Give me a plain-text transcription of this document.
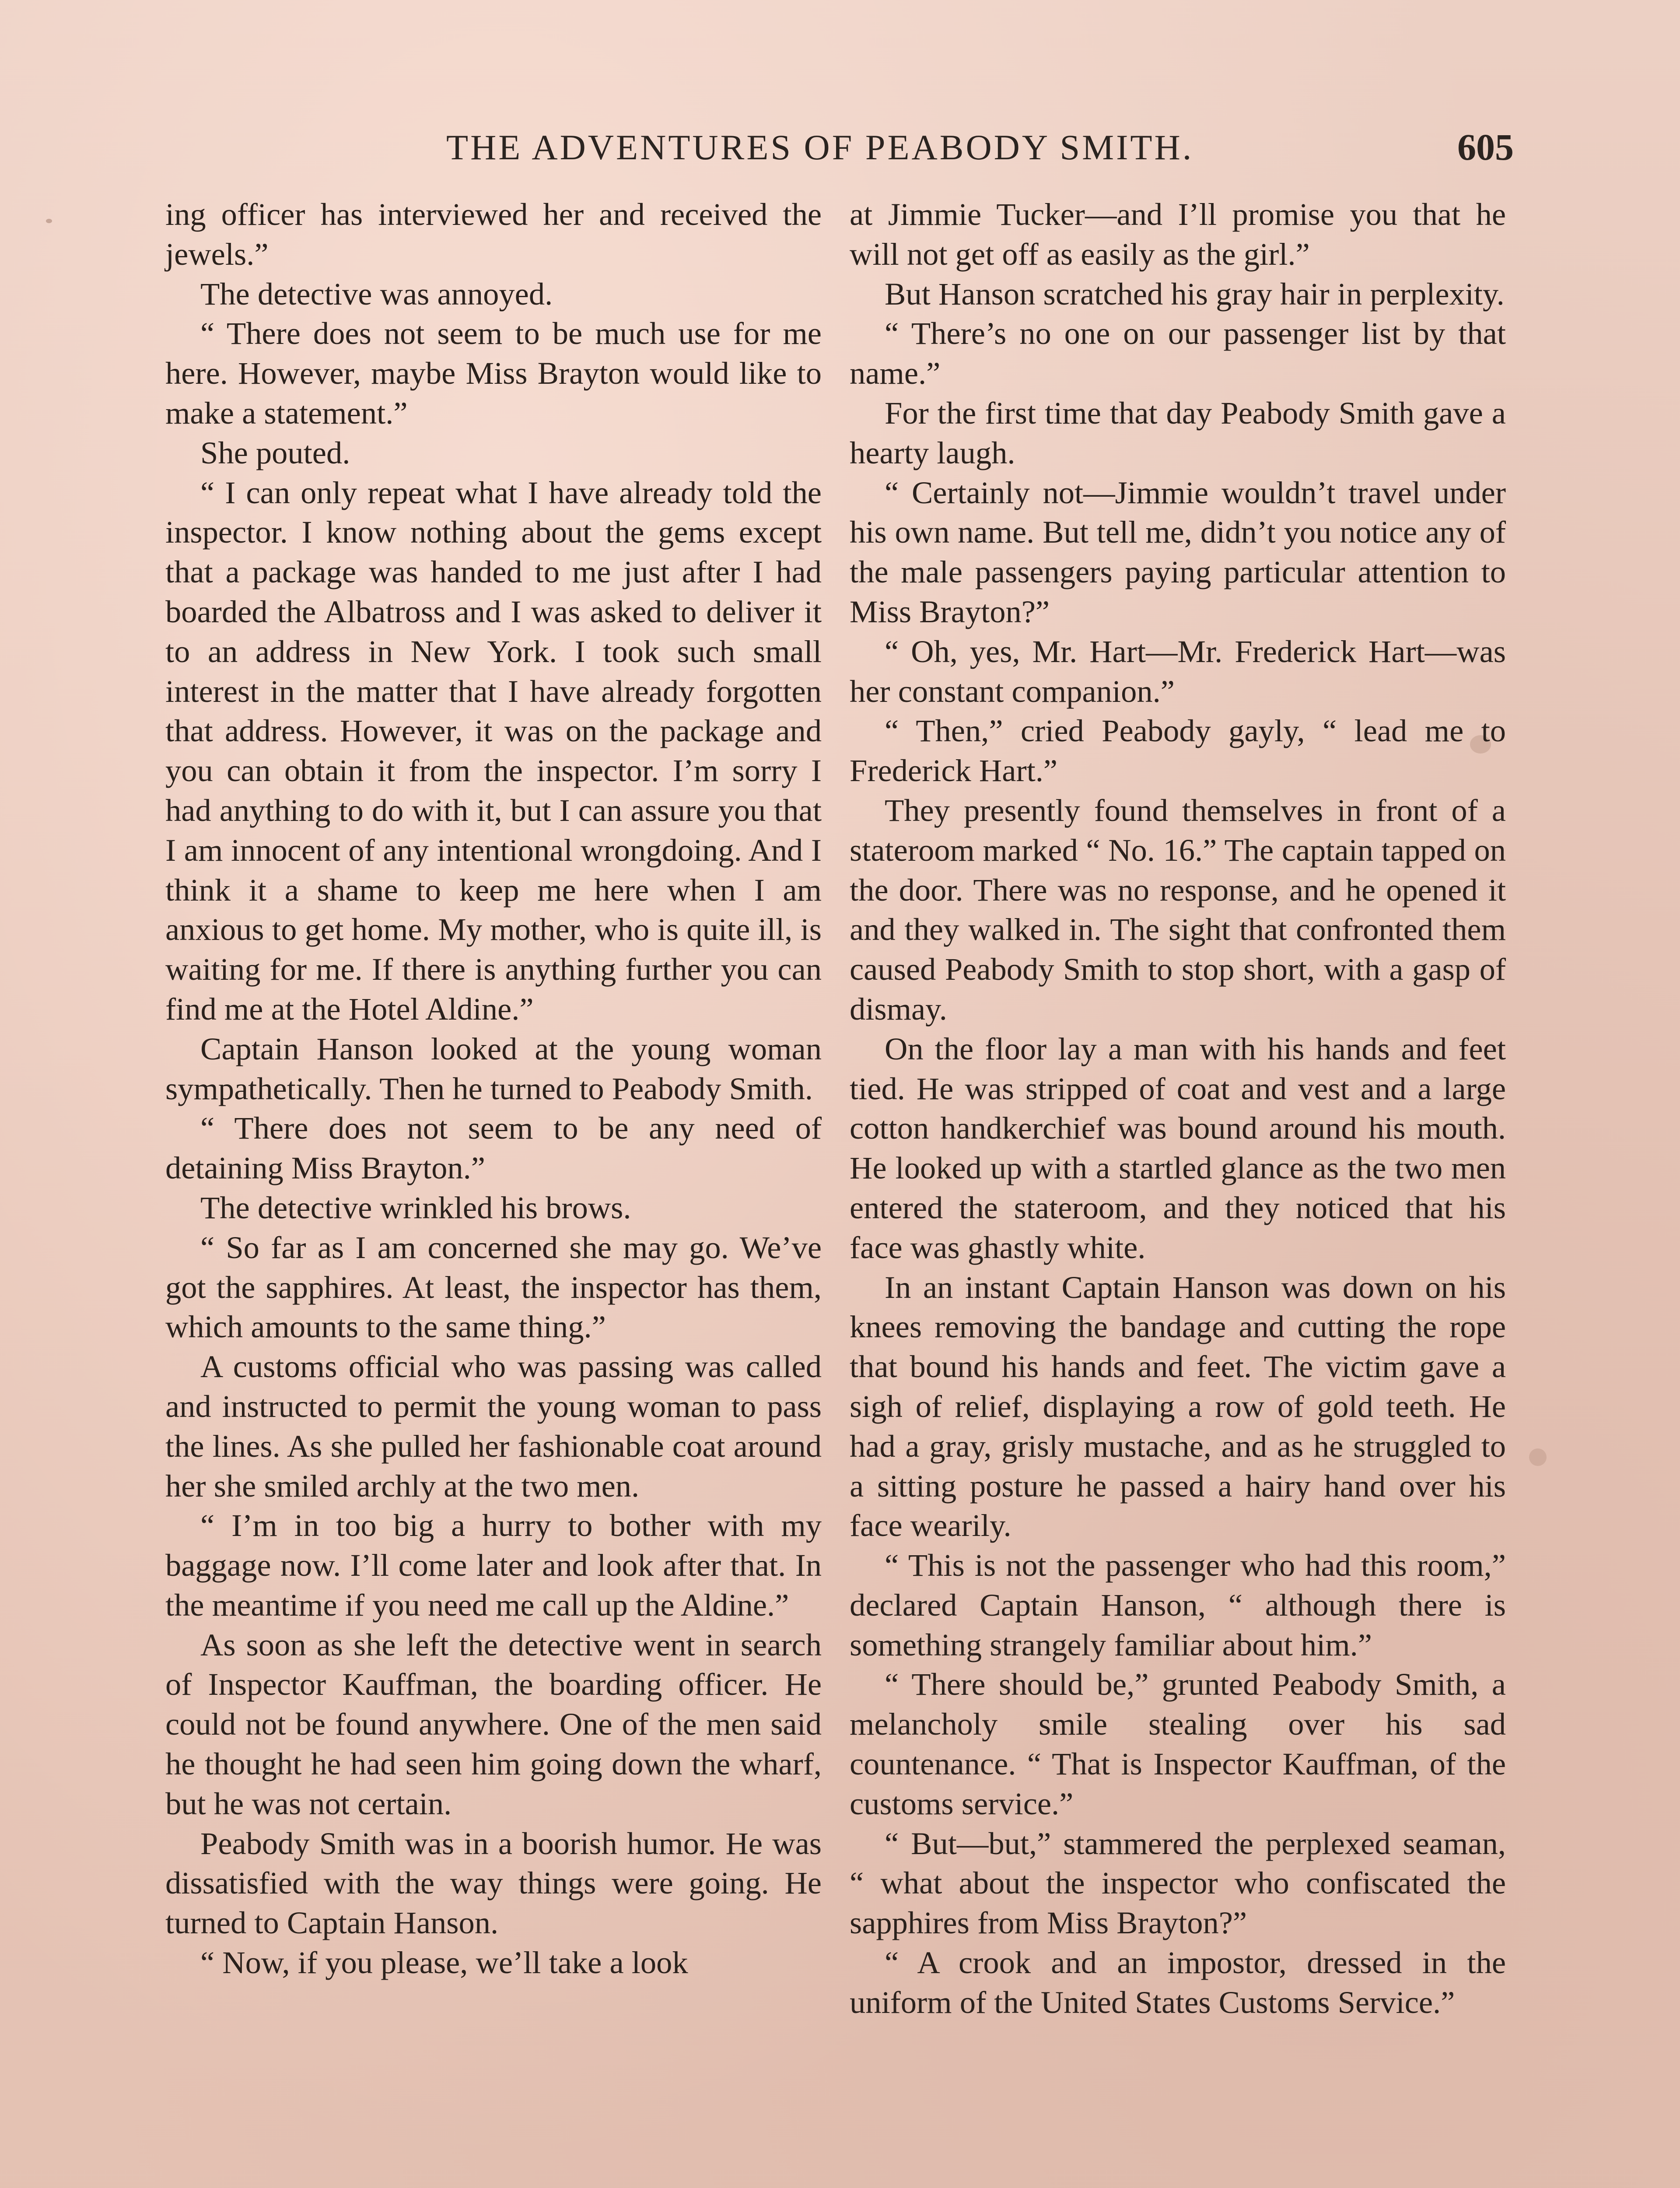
THE ADVENTURES OF PEABODY SMITH.	605

ing officer has interviewed her and received the jewels.”

The detective was annoyed.

“ There does not seem to be much use for me here. However, maybe Miss Brayton would like to make a statement.”

She pouted.

“ I can only repeat what I have already told the inspector. I know nothing about the gems except that a package was handed to me just after I had boarded the Albatross and I was asked to deliver it to an address in New York. I took such small interest in the matter that I have already forgotten that address. However, it was on the package and you can obtain it from the inspector. I’m sorry I had anything to do with it, but I can assure you that I am innocent of any intentional wrongdoing. And I think it a shame to keep me here when I am anxious to get home. My mother, who is quite ill, is waiting for me. If there is anything further you can find me at the Hotel Aldine.”

Captain Hanson looked at the young woman sympathetically. Then he turned to Peabody Smith.

“ There does not seem to be any need of detaining Miss Brayton.”

The detective wrinkled his brows.

“ So far as I am concerned she may go. We’ve got the sapphires. At least, the inspector has them, which amounts to the same thing.”

A customs official who was passing was called and instructed to permit the young woman to pass the lines. As she pulled her fashionable coat around her she smiled archly at the two men.

“ I’m in too big a hurry to bother with my baggage now. I’ll come later and look after that. In the meantime if you need me call up the Aldine.”

As soon as she left the detective went in search of Inspector Kauffman, the boarding officer. He could not be found anywhere. One of the men said he thought he had seen him going down the wharf, but he was not certain.

Peabody Smith was in a boorish humor. He was dissatisfied with the way things were going. He turned to Captain Hanson.

“ Now, if you please, we’ll take a look

at Jimmie Tucker—and I’ll promise you that he will not get off as easily as the girl.”

But Hanson scratched his gray hair in perplexity.

“ There’s no one on our passenger list by that name.”

For the first time that day Peabody Smith gave a hearty laugh.

“ Certainly not—Jimmie wouldn’t travel under his own name. But tell me, didn’t you notice any of the male passengers paying particular attention to Miss Brayton?”

“ Oh, yes, Mr. Hart—Mr. Frederick Hart—was her constant companion.”

“ Then,” cried Peabody gayly, “ lead me to Frederick Hart.”

They presently found themselves in front of a stateroom marked “ No. 16.” The captain tapped on the door. There was no response, and he opened it and they walked in. The sight that confronted them caused Peabody Smith to stop short, with a gasp of dismay.

On the floor lay a man with his hands and feet tied. He was stripped of coat and vest and a large cotton handkerchief was bound around his mouth. He looked up with a startled glance as the two men entered the stateroom, and they noticed that his face was ghastly white.

In an instant Captain Hanson was down on his knees removing the bandage and cutting the rope that bound his hands and feet. The victim gave a sigh of relief, displaying a row of gold teeth. He had a gray, grisly mustache, and as he struggled to a sitting posture he passed a hairy hand over his face wearily.

“ This is not the passenger who had this room,” declared Captain Hanson, “ although there is something strangely familiar about him.”

“ There should be,” grunted Peabody Smith, a melancholy smile stealing over his sad countenance. “ That is Inspector Kauffman, of the customs service.”

“ But—but,” stammered the perplexed seaman, “ what about the inspector who confiscated the sapphires from Miss Brayton?”

“ A crook and an impostor, dressed in the uniform of the United States Customs Service.”
